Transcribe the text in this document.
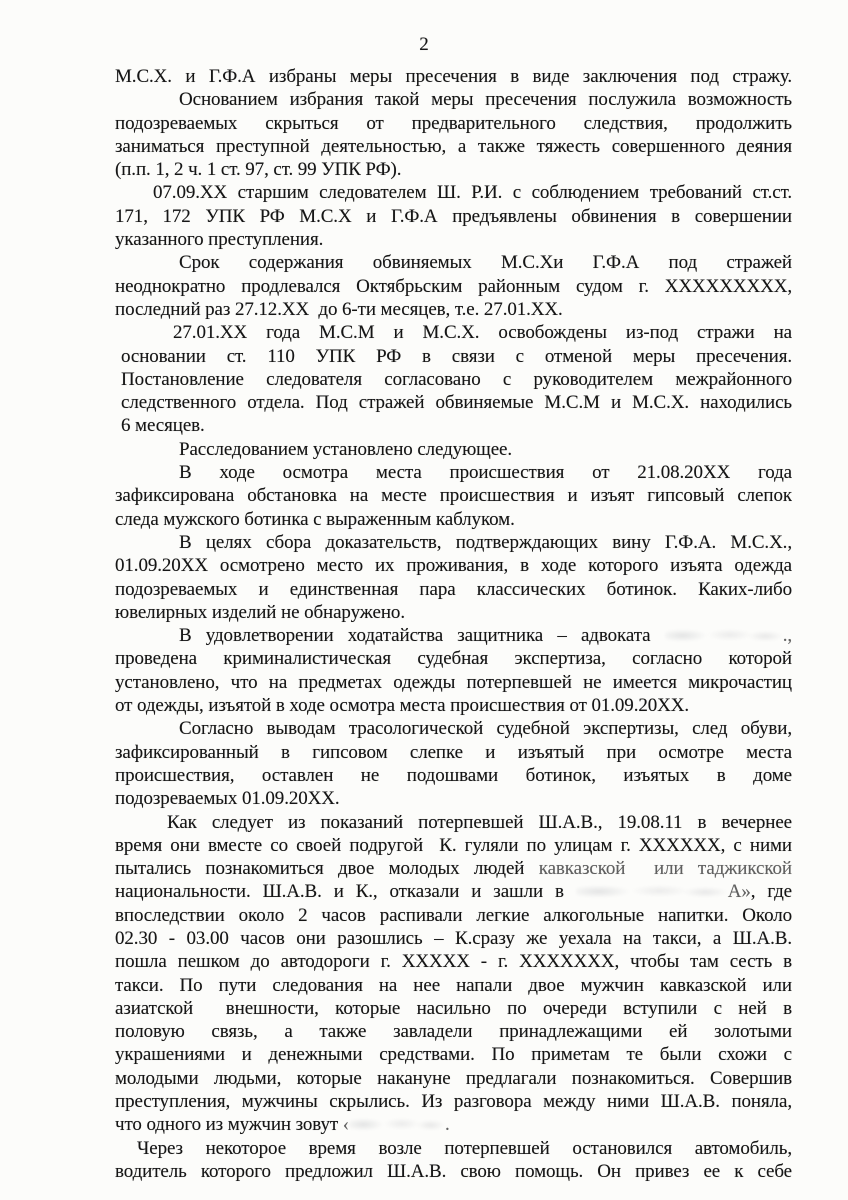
2
М.С.Х. и Г.Ф.А избраны меры пресечения в виде заключения под стражу.
Основанием избрания такой меры пресечения послужила возможность
подозреваемых скрыться от предварительного следствия, продолжить
заниматься преступной деятельностью, а также тяжесть совершенного деяния
(п.п. 1, 2 ч. 1 ст. 97, ст. 99 УПК РФ).
07.09.ХХ старшим следователем Ш. Р.И. с соблюдением требований ст.ст.
171, 172 УПК РФ М.С.Х и Г.Ф.А предъявлены обвинения в совершении
указанного преступления.
Срок содержания обвиняемых М.С.Хи Г.Ф.А под стражей
неоднократно продлевался Октябрьским районным судом г. ХХХХХХХХХ,
последний раз 27.12.ХХ  до 6-ти месяцев, т.е. 27.01.ХХ.
27.01.ХХ года М.С.М и М.С.Х. освобождены из-под стражи на
основании ст. 110 УПК РФ в связи с отменой меры пресечения.
Постановление следователя согласовано с руководителем межрайонного
следственного отдела. Под стражей обвиняемые М.С.М и М.С.Х. находились
6 месяцев.
Расследованием установлено следующее.
В ходе осмотра места происшествия от 21.08.20ХХ года
зафиксирована обстановка на месте происшествия и изъят гипсовый слепок
следа мужского ботинка с выраженным каблуком.
В целях сбора доказательств, подтверждающих вину Г.Ф.А. М.С.Х.,
01.09.20ХХ осмотрено место их проживания, в ходе которого изъята одежда
подозреваемых и единственная пара классических ботинок. Каких-либо
ювелирных изделий не обнаружено.
В удовлетворении ходатайства защитника – адвоката	.,
проведена криминалистическая судебная экспертиза, согласно которой
установлено, что на предметах одежды потерпевшей не имеется микрочастиц
от одежды, изъятой в ходе осмотра места происшествия от 01.09.20ХХ.
Согласно выводам трасологической судебной экспертизы, след обуви,
зафиксированный в гипсовом слепке и изъятый при осмотре места
происшествия, оставлен не подошвами ботинок, изъятых в доме
подозреваемых 01.09.20ХХ.
Как следует из показаний потерпевшей Ш.А.В., 19.08.11 в вечернее
время они вместе со своей подругой  К. гуляли по улицам г. ХХХХХХ, с ними
пытались познакомиться двое молодых людей кавказской  или таджикской
национальности. Ш.А.В. и К., отказали и зашли в	А», где
впоследствии около 2 часов распивали легкие алкогольные напитки. Около
02.30 - 03.00 часов они разошлись – К.сразу же уехала на такси, а Ш.А.В.
пошла пешком до автодороги г. ХХХХХ - г. ХХХХХХХ, чтобы там сесть в
такси. По пути следования на нее напали двое мужчин кавказской или
азиатской  внешности, которые насильно по очереди вступили с ней в
половую связь, а также завладели принадлежащими ей золотыми
украшениями и денежными средствами. По приметам те были схожи с
молодыми людьми, которые накануне предлагали познакомиться. Совершив
преступления, мужчины скрылись. Из разговора между ними Ш.А.В. поняла,
что одного из мужчин зовут ‹	.
Через некоторое время возле потерпевшей остановился автомобиль,
водитель которого предложил Ш.А.В. свою помощь. Он привез ее к себе
